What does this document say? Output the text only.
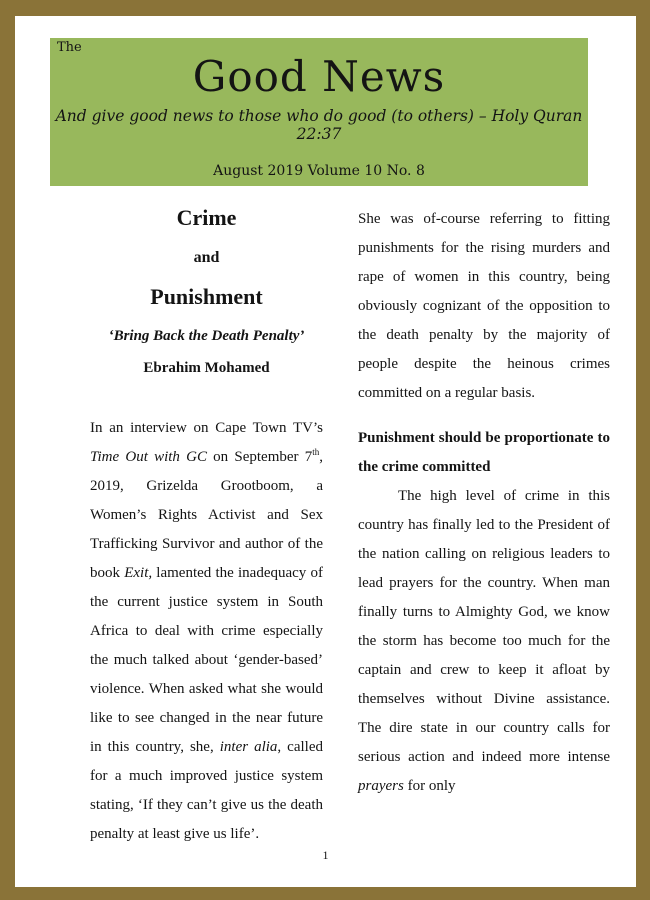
The
Good News
And give good news to those who do good (to others) – Holy Quran 22:37
August 2019 Volume 10 No. 8
Crime
and
Punishment
‘Bring Back the Death Penalty’
Ebrahim Mohamed

In an interview on Cape Town TV’s Time Out with GC on September 7th, 2019, Grizelda Grootboom, a Women’s Rights Activist and Sex Trafficking Survivor and author of the book Exit, lamented the inadequacy of the current justice system in South Africa to deal with crime especially the much talked about ‘gender-based’ violence. When asked what she would like to see changed in the near future in this country, she, inter alia, called for a much improved justice system stating, ‘If they can’t give us the death penalty at least give us life’.

She was of-course referring to fitting punishments for the rising murders and rape of women in this country, being obviously cognizant of the opposition to the death penalty by the majority of people despite the heinous crimes committed on a regular basis.

Punishment should be proportionate to the crime committed

The high level of crime in this country has finally led to the President of the nation calling on religious leaders to lead prayers for the country. When man finally turns to Almighty God, we know the storm has become too much for the captain and crew to keep it afloat by themselves without Divine assistance. The dire state in our country calls for serious action and indeed more intense prayers for only

1
